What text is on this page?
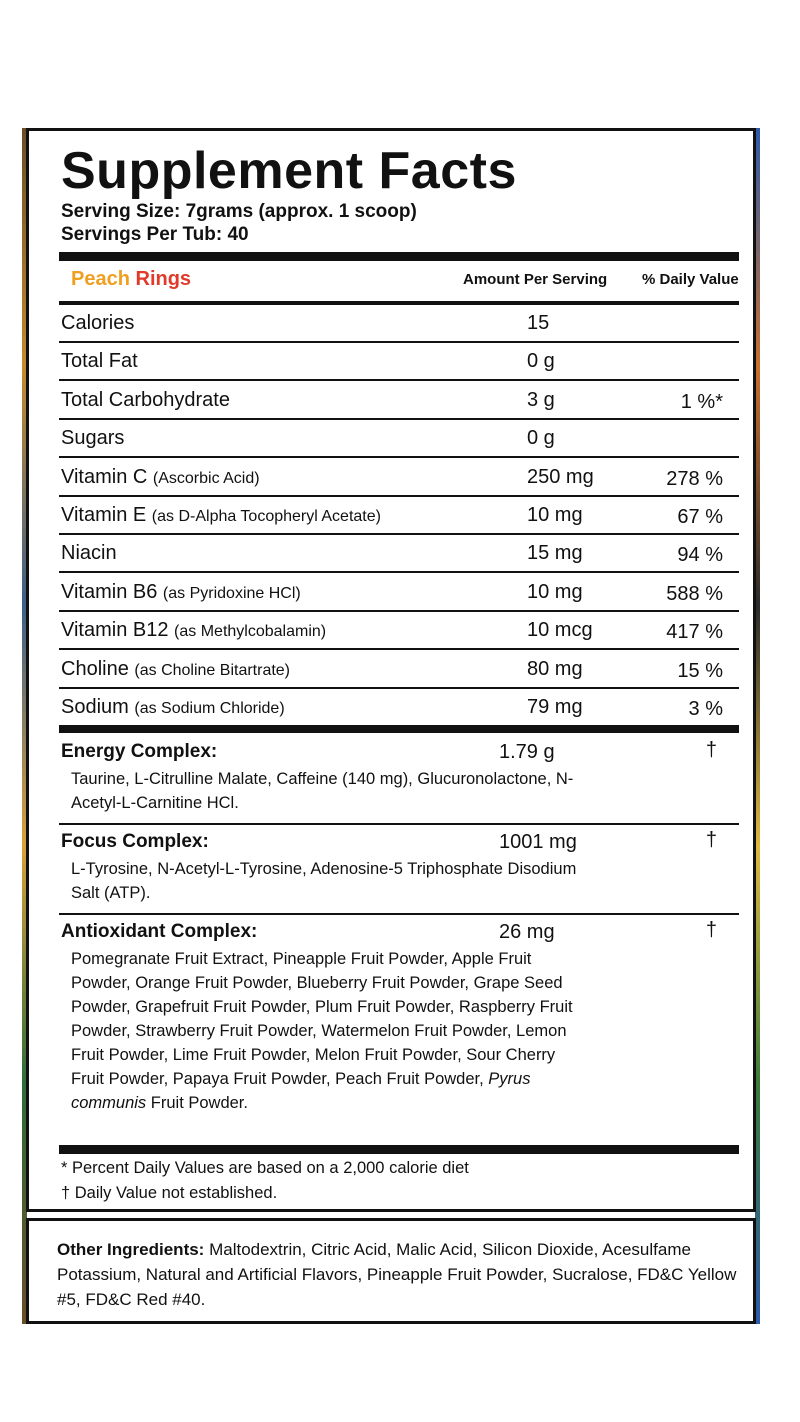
Supplement Facts
Serving Size: 7grams (approx. 1 scoop)
Servings Per Tub: 40
Peach Rings	Amount Per Serving % Daily Value
Calories	15
Total Fat	0 g
Total Carbohydrate	3 g	1 %*
Sugars	0 g
Vitamin C (Ascorbic Acid)	250 mg	278 %
Vitamin E (as D-Alpha Tocopheryl Acetate)	10 mg	67 %
Niacin	15 mg	94 %
Vitamin B6 (as Pyridoxine HCl)	10 mg	588 %
Vitamin B12 (as Methylcobalamin)	10 mcg	417 %
Choline (as Choline Bitartrate)	80 mg	15 %
Sodium (as Sodium Chloride)	79 mg	3 %
Energy Complex:	1.79 g	†
Taurine, L-Citrulline Malate, Caffeine (140 mg), Glucuronolactone, N-Acetyl-L-Carnitine HCl.
Focus Complex:	1001 mg	†
L-Tyrosine, N-Acetyl-L-Tyrosine, Adenosine-5 Triphosphate Disodium Salt (ATP).
Antioxidant Complex:	26 mg	†
Pomegranate Fruit Extract, Pineapple Fruit Powder, Apple Fruit Powder, Orange Fruit Powder, Blueberry Fruit Powder, Grape Seed Powder, Grapefruit Fruit Powder, Plum Fruit Powder, Raspberry Fruit Powder, Strawberry Fruit Powder, Watermelon Fruit Powder, Lemon Fruit Powder, Lime Fruit Powder, Melon Fruit Powder, Sour Cherry Fruit Powder, Papaya Fruit Powder, Peach Fruit Powder, Pyrus communis Fruit Powder.
* Percent Daily Values are based on a 2,000 calorie diet
† Daily Value not established.
Other Ingredients: Maltodextrin, Citric Acid, Malic Acid, Silicon Dioxide, Acesulfame Potassium, Natural and Artificial Flavors, Pineapple Fruit Powder, Sucralose, FD&C Yellow #5, FD&C Red #40.
